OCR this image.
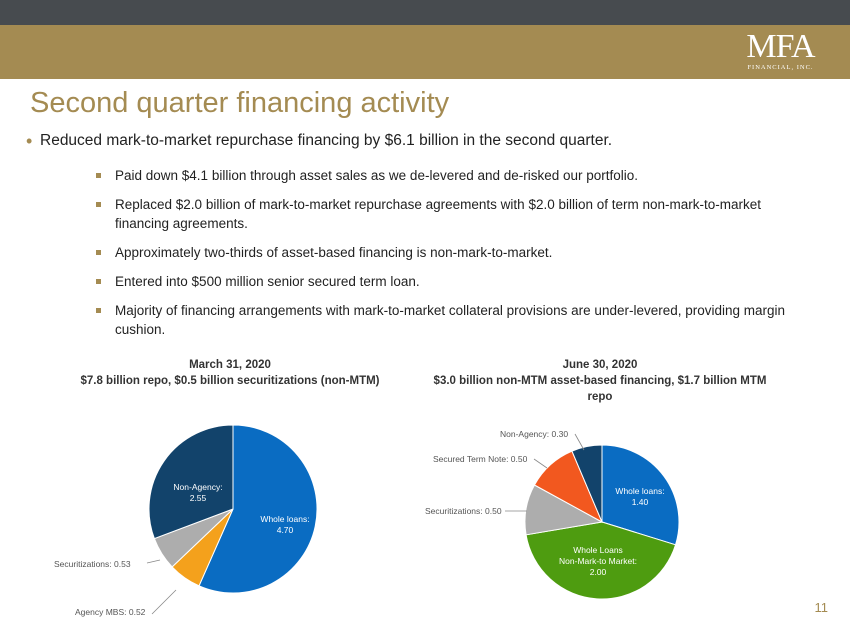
MFA
FINANCIAL, INC.
Second quarter financing activity
• Reduced mark-to-market repurchase financing by $6.1 billion in the second quarter.
Paid down $4.1 billion through asset sales as we de-levered and de-risked our portfolio.
Replaced $2.0 billion of mark-to-market repurchase agreements with $2.0 billion of term non-mark-to-market financing agreements.
Approximately two-thirds of asset-based financing is non-mark-to-market.
Entered into $500 million senior secured term loan.
Majority of financing arrangements with mark-to-market collateral provisions are under-levered, providing margin cushion.
March 31, 2020
$7.8 billion repo, $0.5 billion securitizations (non-MTM)
June 30, 2020
$3.0 billion non-MTM asset-based financing, $1.7 billion MTM repo
Whole loans: 4.70
Agency MBS: 0.52
Securitizations: 0.53
Non-Agency: 2.55
Whole loans: 1.40
Whole Loans Non-Mark-to Market: 2.00
Securitizations: 0.50
Secured Term Note: 0.50
Non-Agency: 0.30
11
